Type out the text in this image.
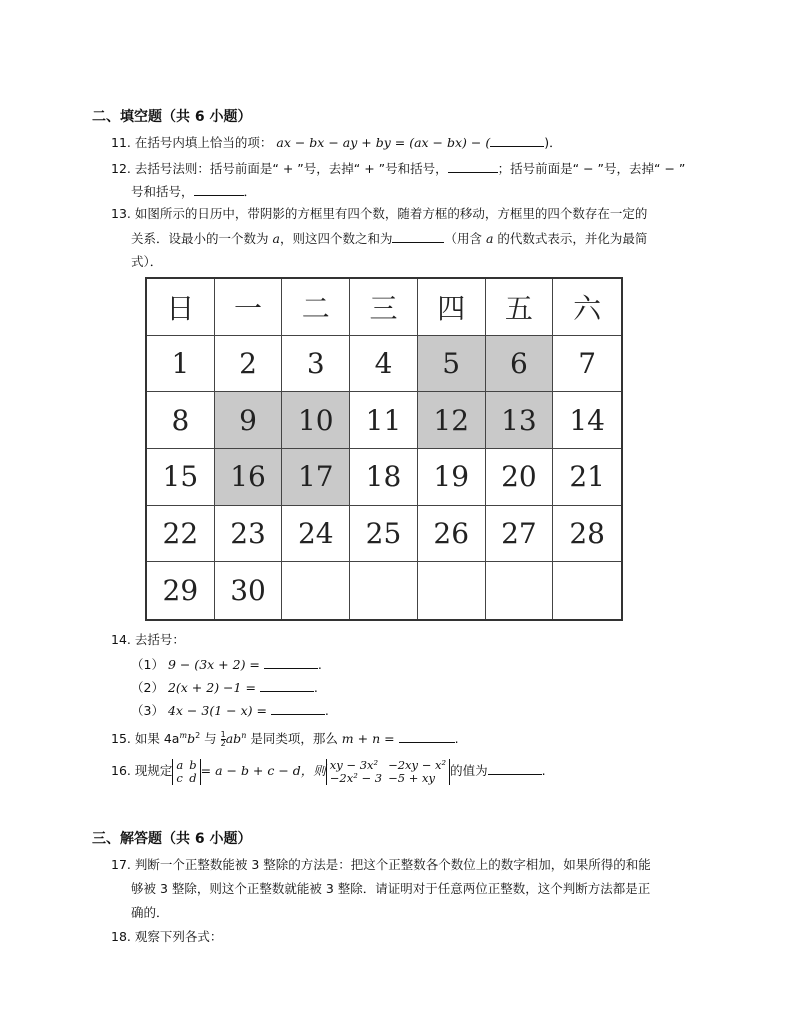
二、填空题（共 6 小题）
11. 在括号内填上恰当的项： ax − bx − ay + by = (ax − bx) − (	)．
12. 去括号法则：括号前面是“ + ”号，去掉“ + ”号和括号，	；括号前面是“ − ”号，去掉“ − ”
号和括号，	．
13. 如图所示的日历中，带阴影的方框里有四个数，随着方框的移动，方框里的四个数存在一定的
关系．设最小的一个数为 a，则这四个数之和为	（用含 a 的代数式表示，并化为最简
式）．
日	一	二	三	四	五	六
1	2	3	4	5	6	7
8	9	10	11	12	13	14
15	16	17	18	19	20	21
22	23	24	25	26	27	28
29	30
14. 去括号：
（1） 9 − (3x + 2) =	.
（2） 2(x + 2) −1 =	.
（3） 4x − 3(1 − x) =	.
15. 如果 $4a^mb^2$ 与 $\frac{1}{2} ab^n$ 是同类项，那么 m + n =	.
16. 现规定 a	b
c	d = a − b + c − d，则 xy − 3x²	−2xy − x²
−2x² − 3	−5 + xy 的值为	.
三、解答题（共 6 小题）
17. 判断一个正整数能被 3 整除的方法是：把这个正整数各个数位上的数字相加，如果所得的和能
够被 3 整除，则这个正整数就能被 3 整除．请证明对于任意两位正整数，这个判断方法都是正
确的．
18. 观察下列各式：
